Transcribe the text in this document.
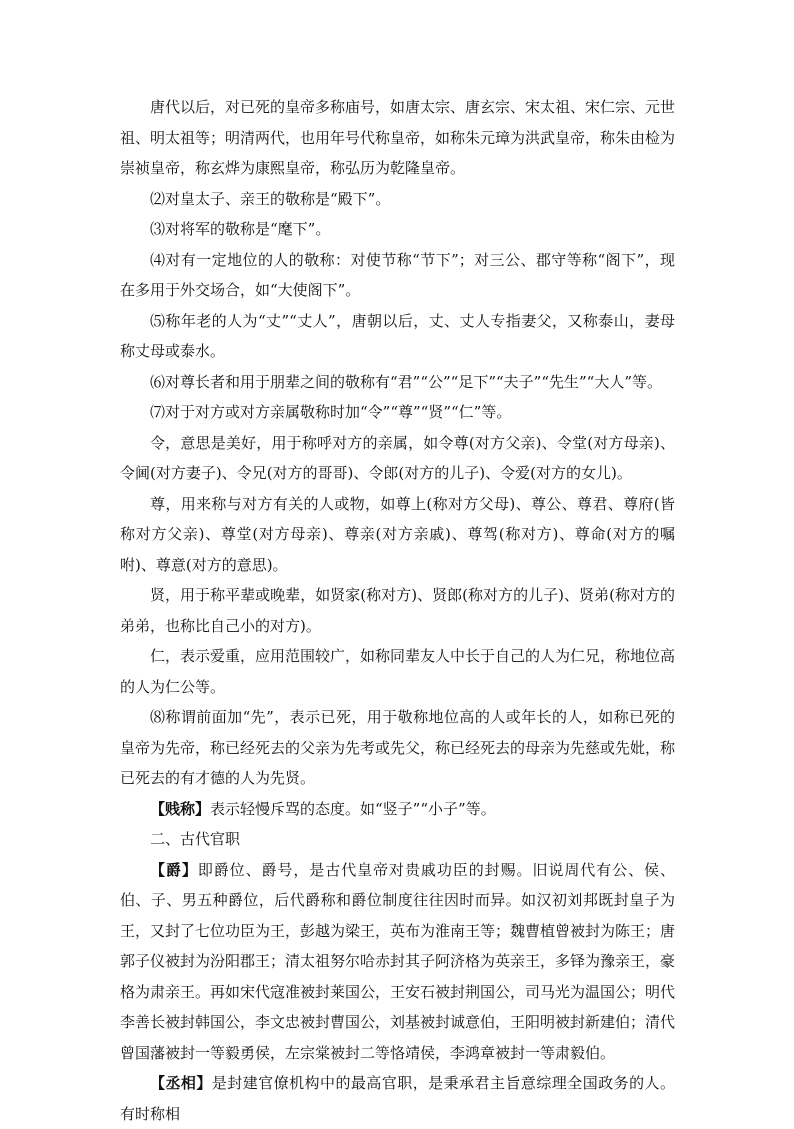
唐代以后，对已死的皇帝多称庙号，如唐太宗、唐玄宗、宋太祖、宋仁宗、元世祖、明太祖等；明清两代，也用年号代称皇帝，如称朱元璋为洪武皇帝，称朱由检为崇祯皇帝，称玄烨为康熙皇帝，称弘历为乾隆皇帝。

⑵对皇太子、亲王的敬称是“殿下”。

⑶对将军的敬称是“麾下”。

⑷对有一定地位的人的敬称：对使节称“节下”；对三公、郡守等称“阁下”，现在多用于外交场合，如“大使阁下”。

⑸称年老的人为“丈”“丈人”，唐朝以后，丈、丈人专指妻父，又称泰山，妻母称丈母或泰水。

⑹对尊长者和用于朋辈之间的敬称有“君”“公”“足下”“夫子”“先生”“大人”等。

⑺对于对方或对方亲属敬称时加“令”“尊”“贤”“仁”等。

令，意思是美好，用于称呼对方的亲属，如令尊(对方父亲)、令堂(对方母亲)、令阃(对方妻子)、令兄(对方的哥哥)、令郎(对方的儿子)、令爱(对方的女儿)。

尊，用来称与对方有关的人或物，如尊上(称对方父母)、尊公、尊君、尊府(皆称对方父亲)、尊堂(对方母亲)、尊亲(对方亲戚)、尊驾(称对方)、尊命(对方的嘱咐)、尊意(对方的意思)。

贤，用于称平辈或晚辈，如贤家(称对方)、贤郎(称对方的儿子)、贤弟(称对方的弟弟，也称比自己小的对方)。

仁，表示爱重，应用范围较广，如称同辈友人中长于自己的人为仁兄，称地位高的人为仁公等。

⑻称谓前面加“先”，表示已死，用于敬称地位高的人或年长的人，如称已死的皇帝为先帝，称已经死去的父亲为先考或先父，称已经死去的母亲为先慈或先妣，称已死去的有才德的人为先贤。

【贱称】表示轻慢斥骂的态度。如“竖子”“小子”等。

二、古代官职

【爵】即爵位、爵号，是古代皇帝对贵戚功臣的封赐。旧说周代有公、侯、伯、子、男五种爵位，后代爵称和爵位制度往往因时而异。如汉初刘邦既封皇子为王，又封了七位功臣为王，彭越为梁王，英布为淮南王等；魏曹植曾被封为陈王；唐郭子仪被封为汾阳郡王；清太祖努尔哈赤封其子阿济格为英亲王，多铎为豫亲王，豪格为肃亲王。再如宋代寇准被封莱国公，王安石被封荆国公，司马光为温国公；明代李善长被封韩国公，李文忠被封曹国公，刘基被封诚意伯，王阳明被封新建伯；清代曾国藩被封一等毅勇侯，左宗棠被封二等恪靖侯，李鸿章被封一等肃毅伯。

【丞相】是封建官僚机构中的最高官职，是秉承君主旨意综理全国政务的人。有时称相
